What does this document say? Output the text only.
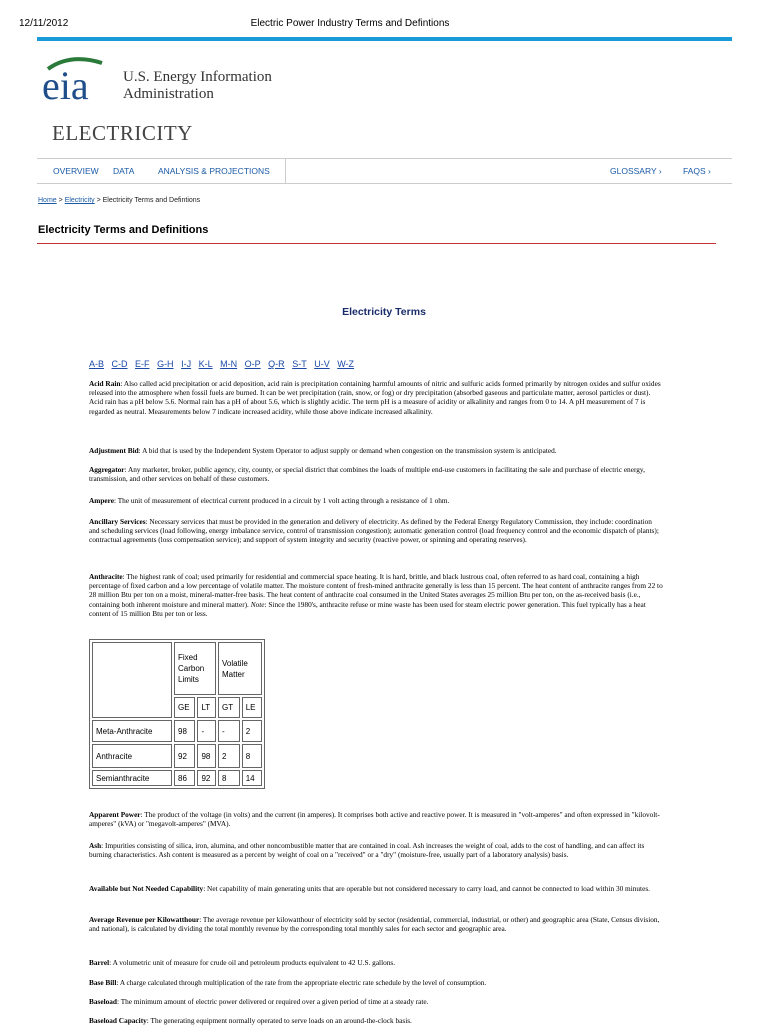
12/11/2012	Electric Power Industry Terms and Defintions
eia U.S. Energy Information
Administration
ELECTRICITY
OVERVIEW DATA	ANALYSIS & PROJECTIONS	GLOSSARY ›	FAQS ›
Home > Electricity > Electricity Terms and Defintions
Electricity Terms and Definitions
Electricity Terms
A-B C-D E-F G-H I-J K-L M-N O-P Q-R S-T U-V W-Z
Acid Rain: Also called acid precipitation or acid deposition, acid rain is precipitation containing harmful amounts of nitric and sulfuric acids formed primarily by nitrogen oxides and sulfur oxides released into the atmosphere when fossil fuels are burned. It can be wet precipitation (rain, snow, or fog) or dry precipitation (absorbed gaseous and particulate matter, aerosol particles or dust). Acid rain has a pH below 5.6. Normal rain has a pH of about 5.6, which is slightly acidic. The term pH is a measure of acidity or alkalinity and ranges from 0 to 14. A pH measurement of 7 is regarded as neutral. Measurements below 7 indicate increased acidity, while those above indicate increased alkalinity.
Adjustment Bid: A bid that is used by the Independent System Operator to adjust supply or demand when congestion on the transmission system is anticipated.
Aggregator: Any marketer, broker, public agency, city, county, or special district that combines the loads of multiple end-use customers in facilitating the sale and purchase of electric energy, transmission, and other services on behalf of these customers.
Ampere: The unit of measurement of electrical current produced in a circuit by 1 volt acting through a resistance of 1 ohm.
Ancillary Services: Necessary services that must be provided in the generation and delivery of electricity. As defined by the Federal Energy Regulatory Commission, they include: coordination and scheduling services (load following, energy imbalance service, control of transmission congestion); automatic generation control (load frequency control and the economic dispatch of plants); contractual agreements (loss compensation service); and support of system integrity and security (reactive power, or spinning and operating reserves).
Anthracite: The highest rank of coal; used primarily for residential and commercial space heating. It is hard, brittle, and black lustrous coal, often referred to as hard coal, containing a high percentage of fixed carbon and a low percentage of volatile matter. The moisture content of fresh-mined anthracite generally is less than 15 percent. The heat content of anthracite ranges from 22 to 28 million Btu per ton on a moist, mineral-matter-free basis. The heat content of anthracite coal consumed in the United States averages 25 million Btu per ton, on the as-received basis (i.e., containing both inherent moisture and mineral matter). Note: Since the 1980's, anthracite refuse or mine waste has been used for steam electric power generation. This fuel typically has a heat content of 15 million Btu per ton or less.
	Fixed Carbon Limits		Volatile Matter	
	GE	LT	GT	LE
Meta-Anthracite	98	-	-	2
Anthracite	92	98	2	8
Semianthracite	86	92	8	14
Apparent Power: The product of the voltage (in volts) and the current (in amperes). It comprises both active and reactive power. It is measured in "volt-amperes" and often expressed in "kilovolt-amperes" (kVA) or "megavolt-amperes" (MVA).
Ash: Impurities consisting of silica, iron, alumina, and other noncombustible matter that are contained in coal. Ash increases the weight of coal, adds to the cost of handling, and can affect its burning characteristics. Ash content is measured as a percent by weight of coal on a "received" or a "dry" (moisture-free, usually part of a laboratory analysis) basis.
Available but Not Needed Capability: Net capability of main generating units that are operable but not considered necessary to carry load, and cannot be connected to load within 30 minutes.
Average Revenue per Kilowatthour: The average revenue per kilowatthour of electricity sold by sector (residential, commercial, industrial, or other) and geographic area (State, Census division, and national), is calculated by dividing the total monthly revenue by the corresponding total monthly sales for each sector and geographic area.
Barrel: A volumetric unit of measure for crude oil and petroleum products equivalent to 42 U.S. gallons.
Base Bill: A charge calculated through multiplication of the rate from the appropriate electric rate schedule by the level of consumption.
Baseload: The minimum amount of electric power delivered or required over a given period of time at a steady rate.
Baseload Capacity: The generating equipment normally operated to serve loads on an around-the-clock basis.
